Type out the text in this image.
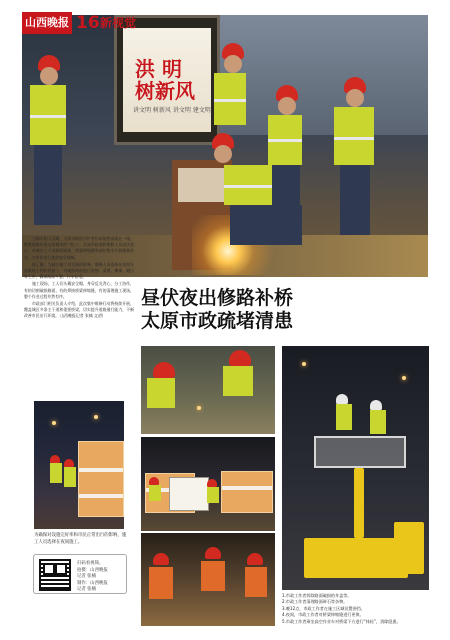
洪 明
树新风
讲文明 树新风 讲文明 建文明
山西晚报 16 新视觉

当城市陷入沉睡，太原市政的守护者们却依然奋战在一线，默默地修补着这座城市的“伤口”。太原市政道桥维修人员昼伏夜出，对城区主干道路面破损、桥梁伸缩缝等部位集中开展维修作业，为市民出行提供安全保障。

据了解，为减少施工对交通的影响，维修人员选择在夜间车流量较小的时段施工，对破损路面进行铣刨、清理、摊铺、碾压等工序，确保路面平整、行车舒适。

施工现场，工人们头戴安全帽、身穿反光背心，分工协作，有的切割破损路面，有的焊接桥梁伸缩缝，有的清理施工现场，整个作业过程井然有序。

市政部门相关负责人介绍，此次集中维修行动将持续开展，覆盖城区多条主干道和重要桥梁，切实提升道路通行能力，不断改善市民出行环境。 山西晚报记者 张楠 文/图

昼伏夜出修路补桥
太原市政疏堵清患
为确保对设施完好率和市民正常出行的影响，施工人员选择在夜间施工。
扫码看视频。
拍摄：山西晚报
记者 张楠
制作：山西晚报
记者 张楠
1.市政工作者拆除路面破损的井盖等。
2.市政工作者清理路面碎石等杂物。
3.晚12点，市政工作者在施工区域设置围挡。
4.夜间，市政工作者对桥梁伸缩缝进行更换。
5.市政工作者乘坐高空作业车对桥梁下方进行“体检”，消除隐患。
